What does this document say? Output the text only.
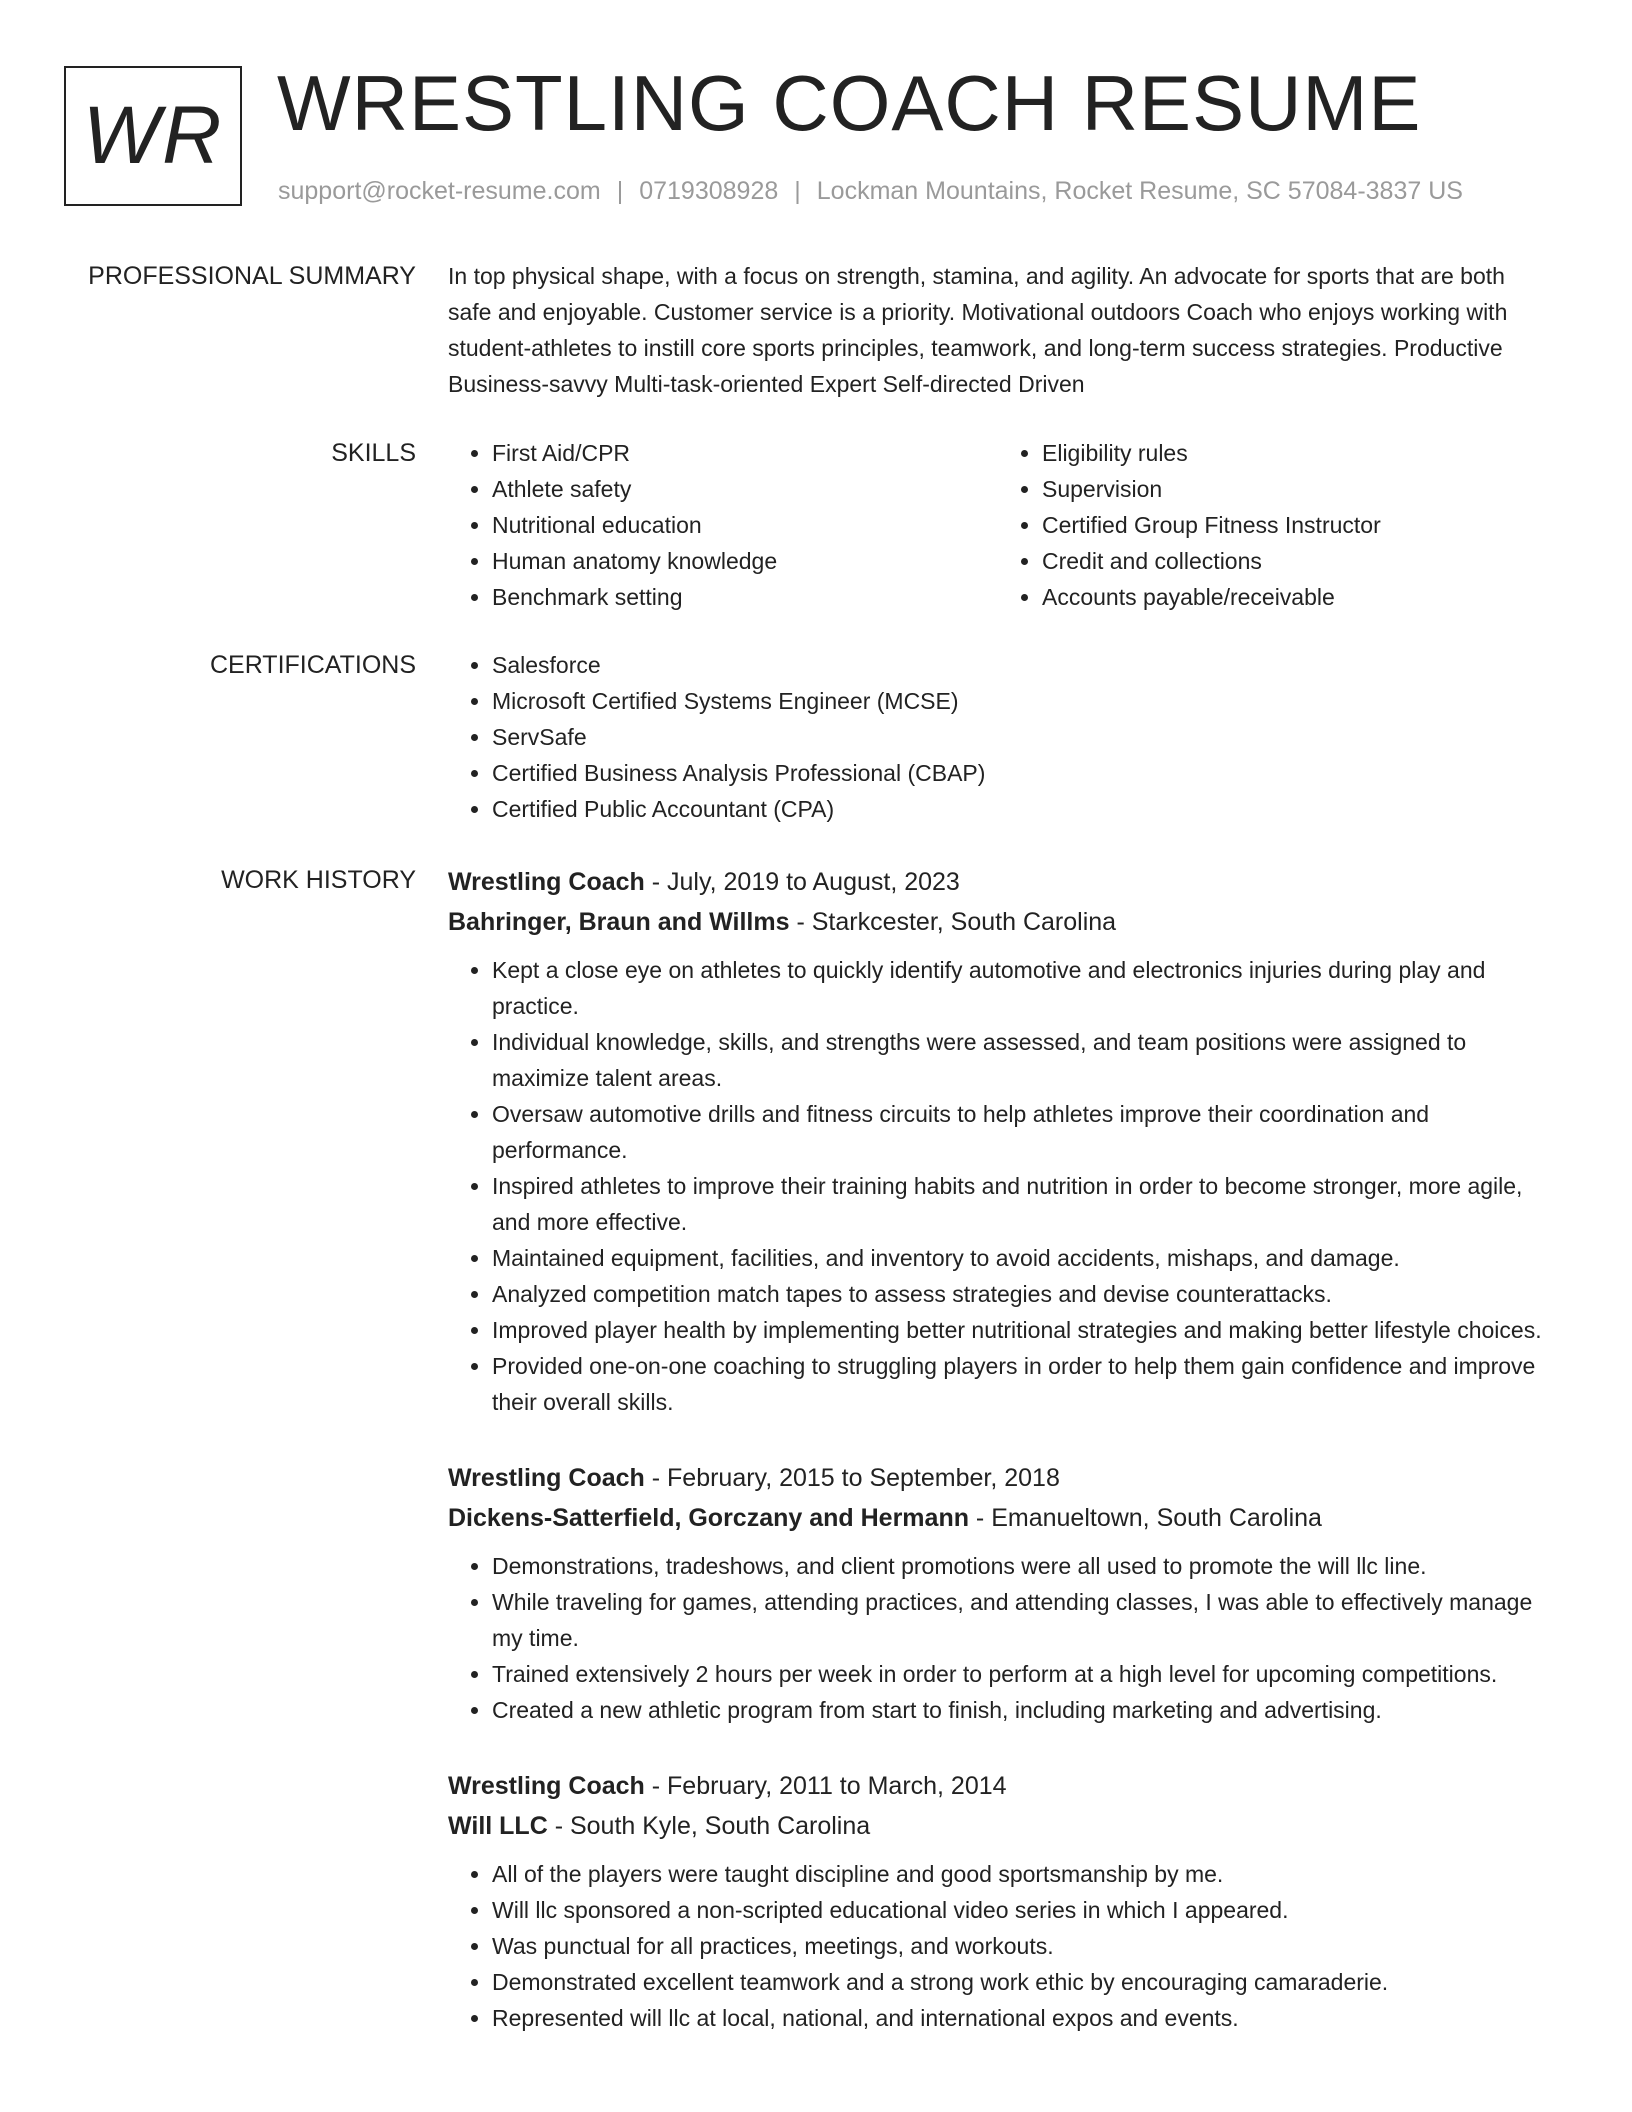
WR WRESTLING COACH RESUME
support@rocket-resume.com | 0719308928 | Lockman Mountains, Rocket Resume, SC 57084-3837 US
PROFESSIONAL SUMMARY In top physical shape, with a focus on strength, stamina, and agility. An advocate for sports that are both safe and enjoyable. Customer service is a priority. Motivational outdoors Coach who enjoys working with student-athletes to instill core sports principles, teamwork, and long-term success strategies. Productive Business-savvy Multi-task-oriented Expert Self-directed Driven

SKILLS	• First Aid/CPR
• Athlete safety
• Nutritional education
• Human anatomy knowledge
• Benchmark setting
• Eligibility rules
• Supervision
• Certified Group Fitness Instructor
• Credit and collections
• Accounts payable/receivable
CERTIFICATIONS	• Salesforce
• Microsoft Certified Systems Engineer (MCSE)
• ServSafe
• Certified Business Analysis Professional (CBAP)
• Certified Public Accountant (CPA)
WORK HISTORY Wrestling Coach - July, 2019 to August, 2023
Bahringer, Braun and Willms - Starkcester, South Carolina
• Kept a close eye on athletes to quickly identify automotive and electronics injuries during play and practice.
• Individual knowledge, skills, and strengths were assessed, and team positions were assigned to maximize talent areas.
• Oversaw automotive drills and fitness circuits to help athletes improve their coordination and performance.
• Inspired athletes to improve their training habits and nutrition in order to become stronger, more agile, and more effective.
• Maintained equipment, facilities, and inventory to avoid accidents, mishaps, and damage.
• Analyzed competition match tapes to assess strategies and devise counterattacks.
• Improved player health by implementing better nutritional strategies and making better lifestyle choices.
• Provided one-on-one coaching to struggling players in order to help them gain confidence and improve their overall skills.
Wrestling Coach - February, 2015 to September, 2018
Dickens-Satterfield, Gorczany and Hermann - Emanueltown, South Carolina
• Demonstrations, tradeshows, and client promotions were all used to promote the will llc line.
• While traveling for games, attending practices, and attending classes, I was able to effectively manage my time.
• Trained extensively 2 hours per week in order to perform at a high level for upcoming competitions.
• Created a new athletic program from start to finish, including marketing and advertising.
Wrestling Coach - February, 2011 to March, 2014
Will LLC - South Kyle, South Carolina
• All of the players were taught discipline and good sportsmanship by me.
• Will llc sponsored a non-scripted educational video series in which I appeared.
• Was punctual for all practices, meetings, and workouts.
• Demonstrated excellent teamwork and a strong work ethic by encouraging camaraderie.
• Represented will llc at local, national, and international expos and events.
